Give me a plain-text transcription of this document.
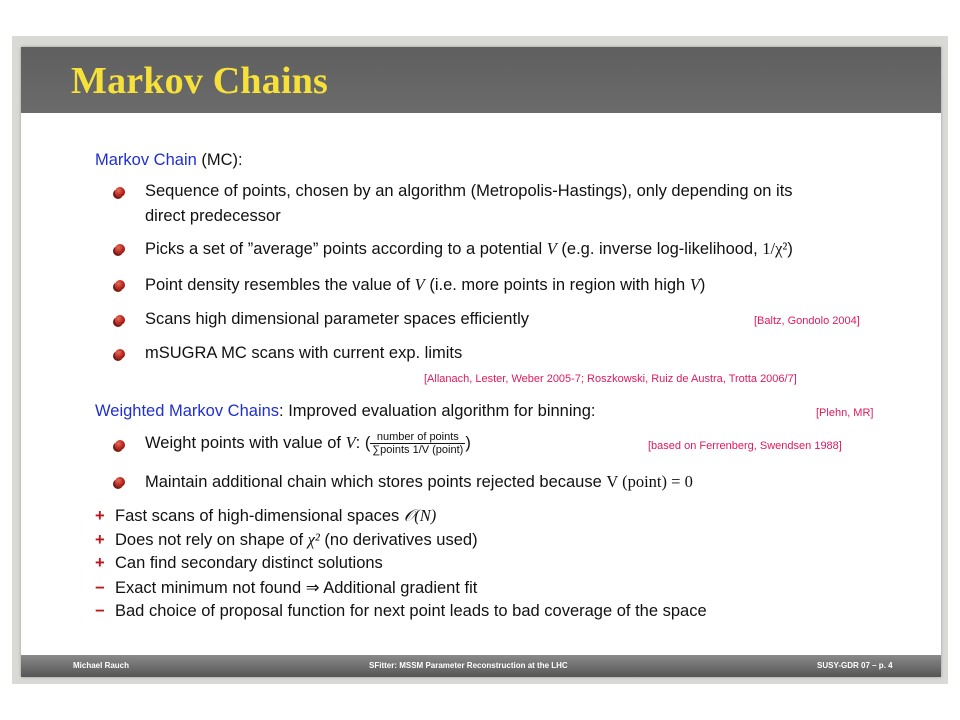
Markov Chains
Markov Chain (MC):
Sequence of points, chosen by an algorithm (Metropolis-Hastings), only depending on its
direct predecessor
Picks a set of ”average” points according to a potential V (e.g. inverse log-likelihood, 1/χ²)
Point density resembles the value of V (i.e. more points in region with high V)
Scans high dimensional parameter spaces efficiently	[Baltz, Gondolo 2004]
mSUGRA MC scans with current exp. limits
[Allanach, Lester, Weber 2005-7; Roszkowski, Ruiz de Austra, Trotta 2006/7]
Weighted Markov Chains: Improved evaluation algorithm for binning:	[Plehn, MR]
Weight points with value of V: ( $\frac{\text{number of points}}{\text{∑points 1/V (point)}}$ )	[based on Ferrenberg, Swendsen 1988]
Maintain additional chain which stores points rejected because V (point) = 0
+ Fast scans of high-dimensional spaces 𝒪(N)
+ Does not rely on shape of χ² (no derivatives used)
+ Can find secondary distinct solutions
− Exact minimum not found ⇒ Additional gradient fit
− Bad choice of proposal function for next point leads to bad coverage of the space
Michael Rauch	SFitter: MSSM Parameter Reconstruction at the LHC	SUSY-GDR 07 – p. 4
